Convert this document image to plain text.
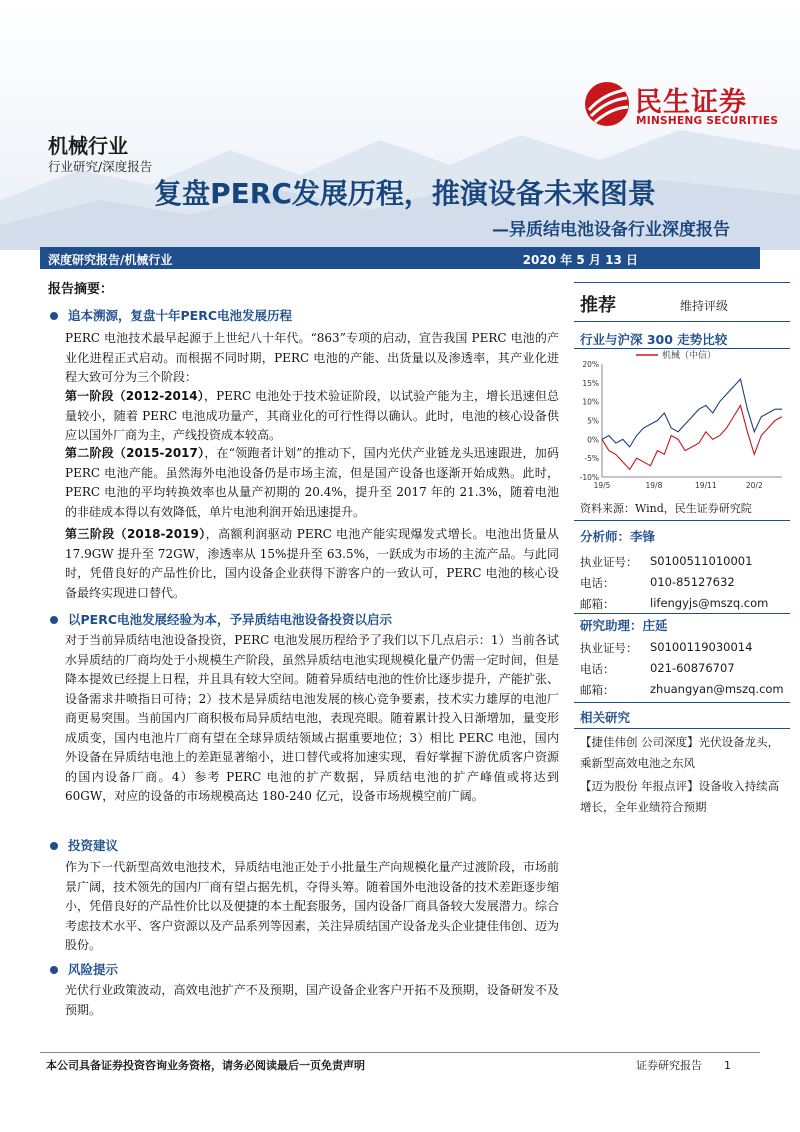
民生证券
MINSHENG SECURITIES
机械行业
行业研究/深度报告
复盘PERC发展历程，推演设备未来图景
—异质结电池设备行业深度报告
深度研究报告/机械行业	2020 年 5 月 13 日
报告摘要：
追本溯源，复盘十年PERC电池发展历程
PERC 电池技术最早起源于上世纪八十年代。“863”专项的启动，宣告我国 PERC 电池的产业化进程正式启动。而根据不同时期，PERC 电池的产能、出货量以及渗透率，其产业化进程大致可分为三个阶段：
第一阶段（2012-2014），PERC 电池处于技术验证阶段，以试验产能为主，增长迅速但总量较小，随着 PERC 电池成功量产，其商业化的可行性得以确认。此时，电池的核心设备供应以国外厂商为主，产线投资成本较高。
第二阶段（2015-2017），在“领跑者计划”的推动下，国内光伏产业链龙头迅速跟进，加码 PERC 电池产能。虽然海外电池设备仍是市场主流，但是国产设备也逐渐开始成熟。此时，PERC 电池的平均转换效率也从量产初期的 20.4%，提升至 2017 年的 21.3%，随着电池的非硅成本得以有效降低，单片电池利润开始迅速提升。
第三阶段（2018-2019），高额利润驱动 PERC 电池产能实现爆发式增长。电池出货量从 17.9GW 提升至 72GW，渗透率从 15%提升至 63.5%，一跃成为市场的主流产品。与此同时，凭借良好的产品性价比，国内设备企业获得下游客户的一致认可，PERC 电池的核心设备最终实现进口替代。
以PERC电池发展经验为本，予异质结电池设备投资以启示
对于当前异质结电池设备投资，PERC 电池发展历程给予了我们以下几点启示：1）当前各试水异质结的厂商均处于小规模生产阶段，虽然异质结电池实现规模化量产仍需一定时间，但是降本提效已经提上日程，并且具有较大空间。随着异质结电池的性价比逐步提升，产能扩张、设备需求井喷指日可待；2）技术是异质结电池发展的核心竞争要素，技术实力雄厚的电池厂商更易突围。当前国内厂商积极布局异质结电池，表现亮眼。随着累计投入日渐增加，量变形成质变，国内电池片厂商有望在全球异质结领域占据重要地位；3）相比 PERC 电池，国内外设备在异质结电池上的差距显著缩小，进口替代或将加速实现，看好掌握下游优质客户资源的国内设备厂商。4）参考 PERC 电池的扩产数据，异质结电池的扩产峰值或将达到 60GW，对应的设备的市场规模高达 180-240 亿元，设备市场规模空前广阔。
投资建议
作为下一代新型高效电池技术，异质结电池正处于小批量生产向规模化量产过渡阶段，市场前景广阔，技术领先的国内厂商有望占据先机，夺得头筹。随着国外电池设备的技术差距逐步缩小，凭借良好的产品性价比以及便捷的本土配套服务，国内设备厂商具备较大发展潜力。综合考虑技术水平、客户资源以及产品系列等因素，关注异质结国产设备龙头企业捷佳伟创、迈为股份。
风险提示
光伏行业政策波动，高效电池扩产不及预期，国产设备企业客户开拓不及预期，设备研发不及预期。
推荐	维持评级
行业与沪深 300 走势比较
20%
15%
10%
5%
0%
-5%
-10%
19/5	19/8	19/11	20/2
机械（中信）
资料来源：Wind，民生证券研究院
分析师：李锋
执业证号： S0100511010001
电话：	010-85127632
邮箱：	lifengyjs@mszq.com
研究助理：庄延
执业证号： S0100119030014
电话：	021-60876707
邮箱：	zhuangyan@mszq.com
相关研究
【捷佳伟创 公司深度】光伏设备龙头，乘新型高效电池之东风
【迈为股份 年报点评】设备收入持续高增长，全年业绩符合预期
本公司具备证券投资咨询业务资格，请务必阅读最后一页免责声明	证券研究报告 1
